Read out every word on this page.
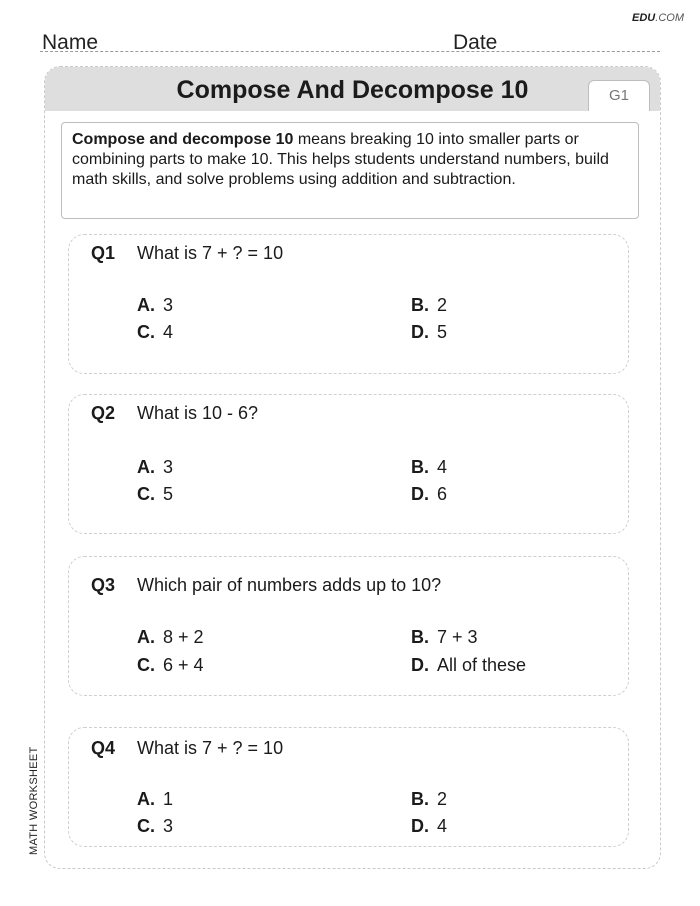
EDU.COM
Name	Date
MATH WORKSHEET
Compose And Decompose 10	G1
Compose and decompose 10 means breaking 10 into smaller parts or combining parts to make 10. This helps students understand numbers, build math skills, and solve problems using addition and subtraction.
Q1 What is 7 + ? = 10
A. 3	B. 2
C. 4	D. 5
Q2 What is 10 - 6?
A. 3	B. 4
C. 5	D. 6
Q3 Which pair of numbers adds up to 10?
A. 8 + 2	B. 7 + 3
C. 6 + 4	D. All of these
Q4 What is 7 + ? = 10
A. 1	B. 2
C. 3	D. 4
